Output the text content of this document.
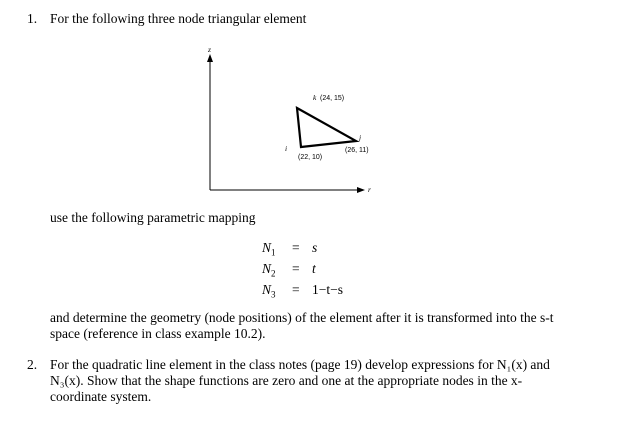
1. For the following three node triangular element
z
r
k (24, 15)
j
(26, 11)
i
(22, 10)
use the following parametric mapping
$N_1 = s$
$N_2 = t$
$N_3 = 1-t-s$
and determine the geometry (node positions) of the element after it is transformed into the s-t
space (reference in class example 10.2).
2. For the quadratic line element in the class notes (page 19) develop expressions for N₁(x) and
N₃(x). Show that the shape functions are zero and one at the appropriate nodes in the x-
coordinate system.
